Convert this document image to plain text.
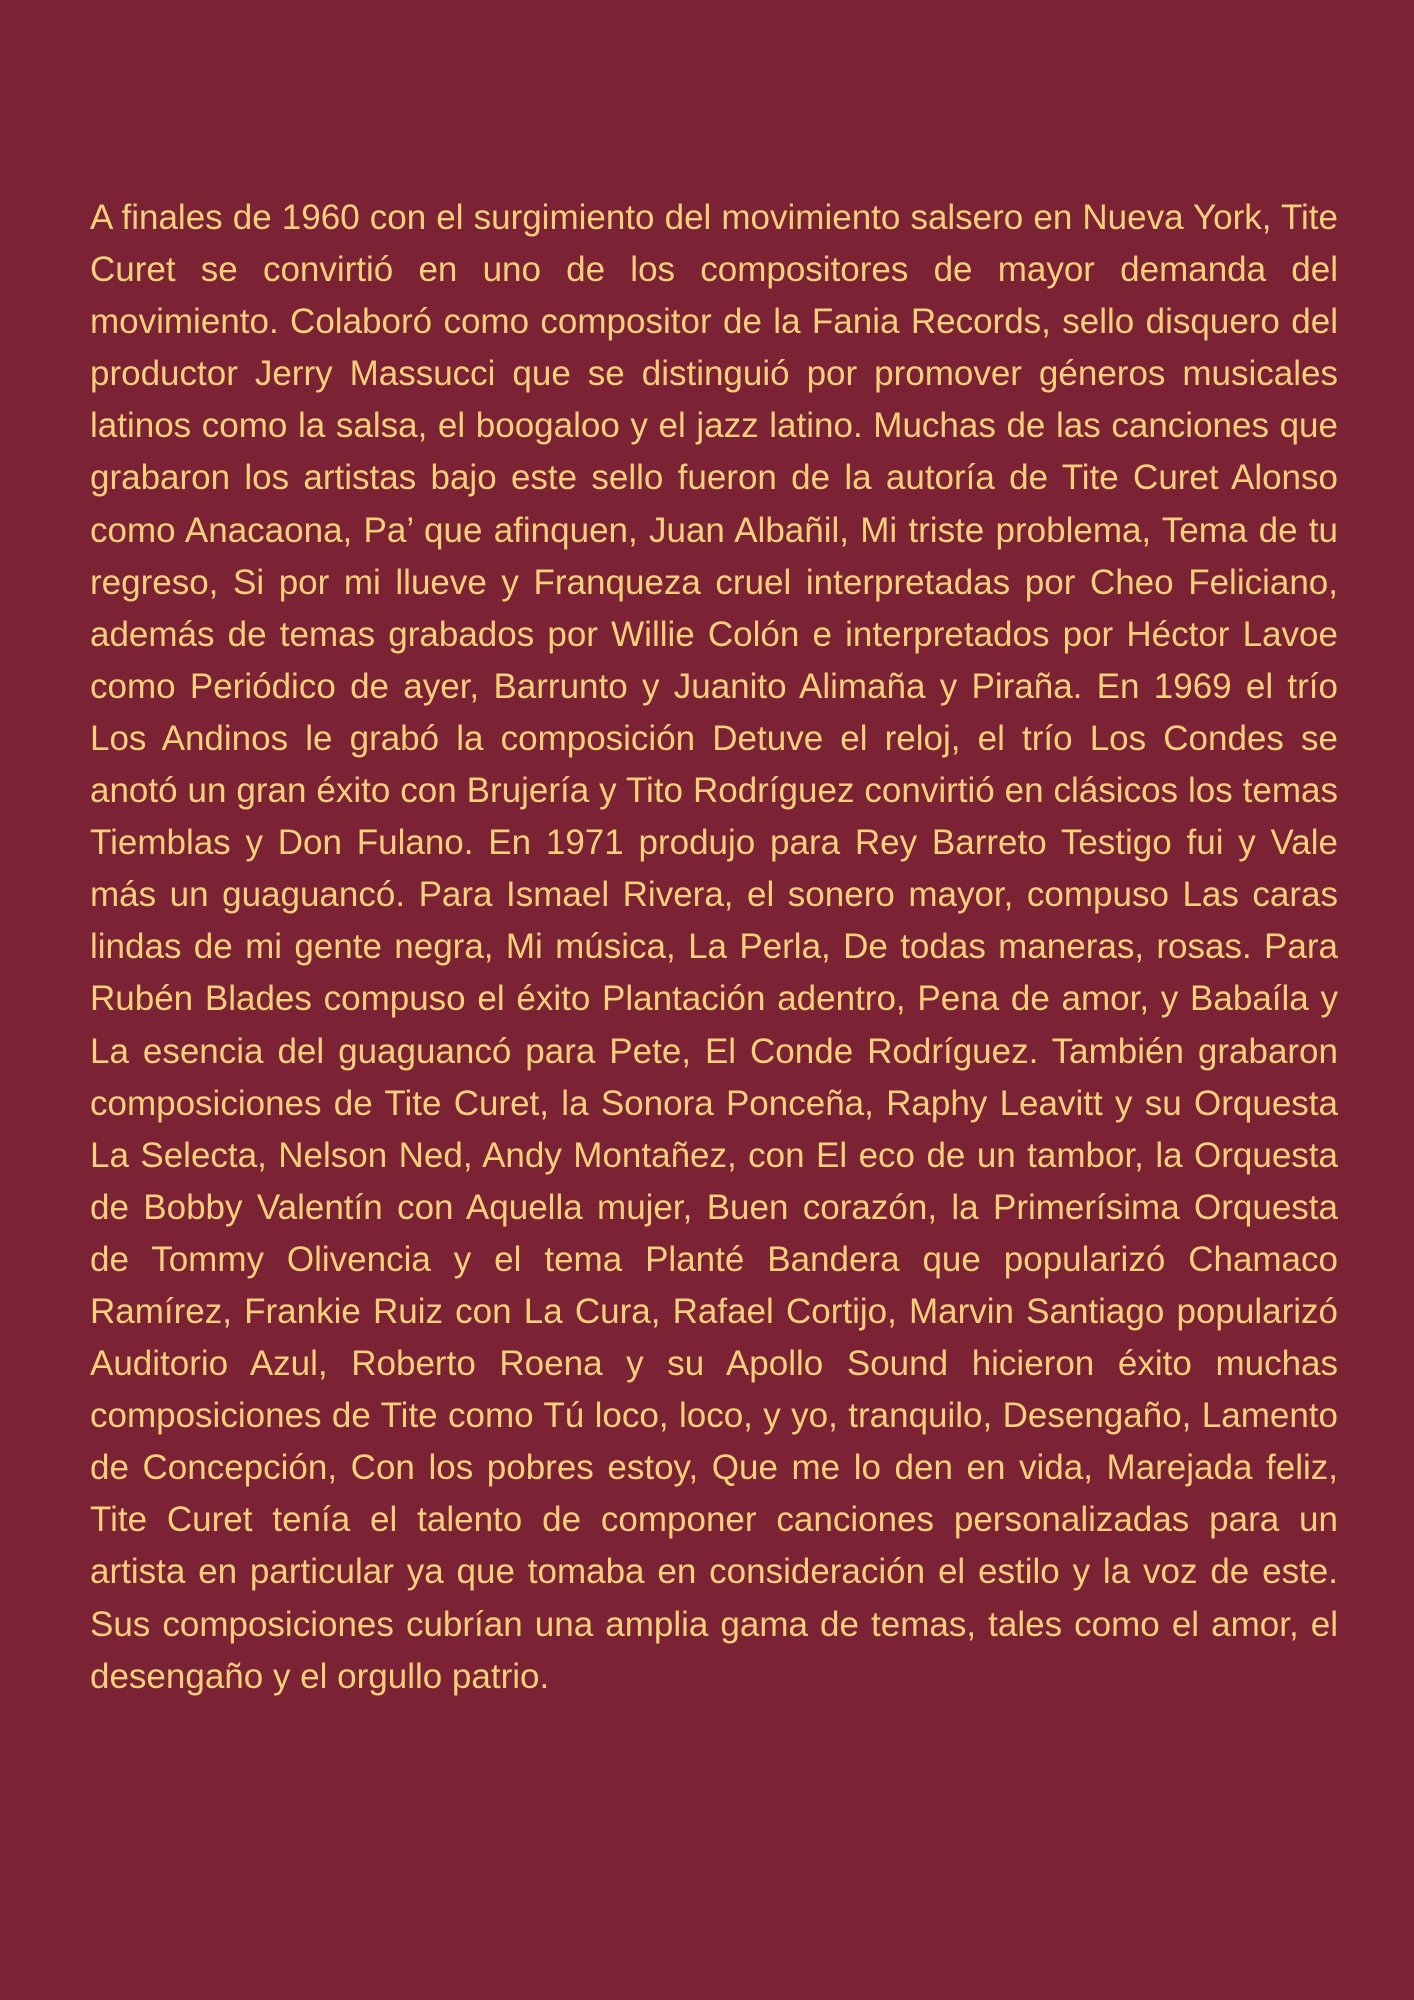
A finales de 1960 con el surgimiento del movimiento salsero en Nueva York, Tite Curet se convirtió en uno de los compositores de mayor demanda del movimiento. Colaboró como compositor de la Fania Records, sello disquero del productor Jerry Massucci que se distinguió por promover géneros musicales latinos como la salsa, el boogaloo y el jazz latino. Muchas de las canciones que grabaron los artistas bajo este sello fueron de la autoría de Tite Curet Alonso como Anacaona, Pa’ que afinquen, Juan Albañil, Mi triste problema, Tema de tu regreso, Si por mi llueve y Franqueza cruel interpretadas por Cheo Feliciano, además de temas grabados por Willie Colón e interpretados por Héctor Lavoe como Periódico de ayer, Barrunto y Juanito Alimaña y Piraña. En 1969 el trío Los Andinos le grabó la composición Detuve el reloj, el trío Los Condes se anotó un gran éxito con Brujería y Tito Rodríguez convirtió en clásicos los temas Tiemblas y Don Fulano. En 1971 produjo para Rey Barreto Testigo fui y Vale más un guaguancó. Para Ismael Rivera, el sonero mayor, compuso Las caras lindas de mi gente negra, Mi música, La Perla, De todas maneras, rosas. Para Rubén Blades compuso el éxito Plantación adentro, Pena de amor, y Babaíla y La esencia del guaguancó para Pete, El Conde Rodríguez. También grabaron composiciones de Tite Curet, la Sonora Ponceña, Raphy Leavitt y su Orquesta La Selecta, Nelson Ned, Andy Montañez, con El eco de un tambor, la Orquesta de Bobby Valentín con Aquella mujer, Buen corazón, la Primerísima Orquesta de Tommy Olivencia y el tema Planté Bandera que popularizó Chamaco Ramírez, Frankie Ruiz con La Cura, Rafael Cortijo, Marvin Santiago popularizó Auditorio Azul, Roberto Roena y su Apollo Sound hicieron éxito muchas composiciones de Tite como Tú loco, loco, y yo, tranquilo, Desengaño, Lamento de Concepción, Con los pobres estoy, Que me lo den en vida, Marejada feliz, Tite Curet tenía el talento de componer canciones personalizadas para un artista en particular ya que tomaba en consideración el estilo y la voz de este. Sus composiciones cubrían una amplia gama de temas, tales como el amor, el desengaño y el orgullo patrio.
